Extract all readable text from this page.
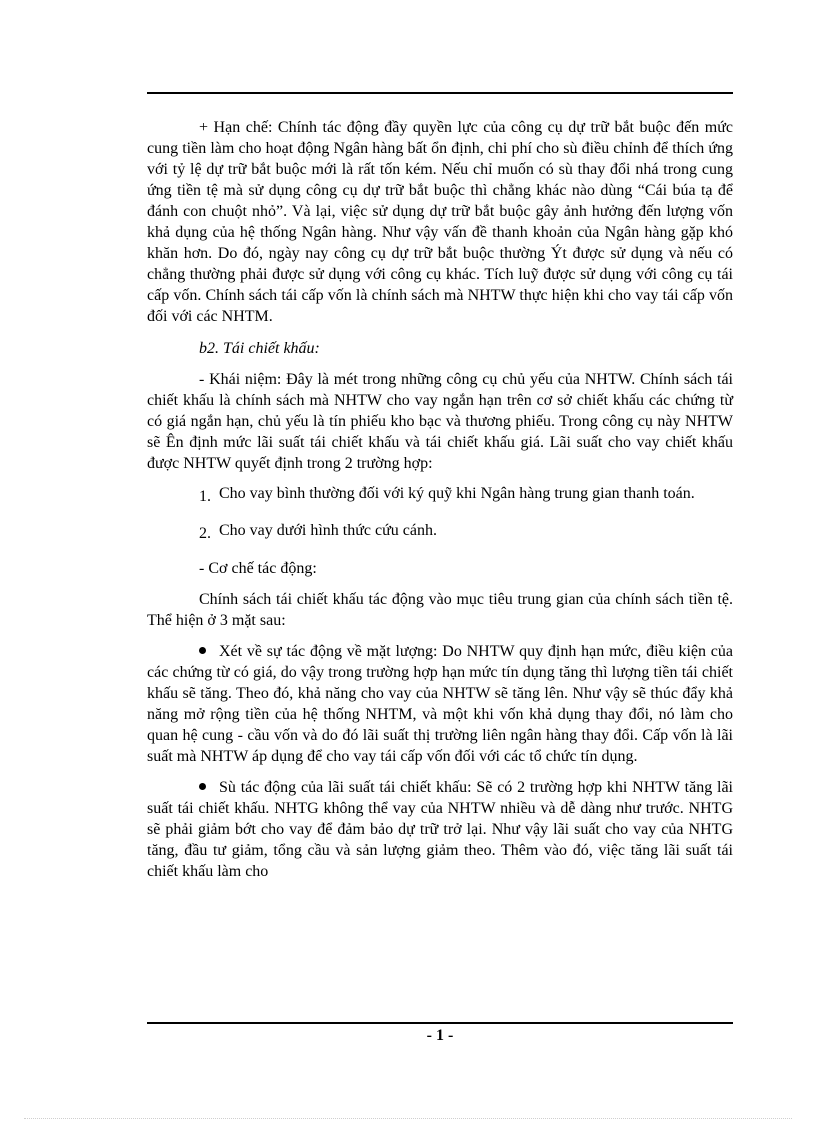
+ Hạn chế: Chính tác động đầy quyền lực của công cụ dự trữ bắt buộc đến mức cung tiền làm cho hoạt động Ngân hàng bất ổn định, chi phí cho sù điều chỉnh để thích ứng với tỷ lệ dự trữ bắt buộc mới là rất tốn kém. Nếu chỉ muốn có sù thay đổi nhá trong cung ứng tiền tệ mà sử dụng công cụ dự trữ bắt buộc thì chẳng khác nào dùng “Cái búa tạ để đánh con chuột nhỏ”. Và lại, việc sử dụng dự trữ bắt buộc gây ảnh hưởng đến lượng vốn khả dụng của hệ thống Ngân hàng. Như vậy vấn đề thanh khoản của Ngân hàng gặp khó khăn hơn. Do đó, ngày nay công cụ dự trữ bắt buộc thường Ýt được sử dụng và nếu có chẳng thường phải được sử dụng với công cụ khác. Tích luỹ được sử dụng với công cụ tái cấp vốn. Chính sách tái cấp vốn là chính sách mà NHTW thực hiện khi cho vay tái cấp vốn đối với các NHTM.

b2. Tái chiết khấu:

- Khái niệm: Đây là mét trong những công cụ chủ yếu của NHTW. Chính sách tái chiết khấu là chính sách mà NHTW cho vay ngắn hạn trên cơ sở chiết khấu các chứng từ có giá ngắn hạn, chủ yếu là tín phiếu kho bạc và thương phiếu. Trong công cụ này NHTW sẽ Ên định mức lãi suất tái chiết khấu và tái chiết khấu giá. Lãi suất cho vay chiết khấu được NHTW quyết định trong 2 trường hợp:

1. Cho vay bình thường đối với ký quỹ khi Ngân hàng trung gian thanh toán.
2. Cho vay dưới hình thức cứu cánh.

- Cơ chế tác động:

Chính sách tái chiết khấu tác động vào mục tiêu trung gian của chính sách tiền tệ. Thể hiện ở 3 mặt sau:

Xét về sự tác động về mặt lượng: Do NHTW quy định hạn mức, điều kiện của các chứng từ có giá, do vậy trong trường hợp hạn mức tín dụng tăng thì lượng tiền tái chiết khấu sẽ tăng. Theo đó, khả năng cho vay của NHTW sẽ tăng lên. Như vậy sẽ thúc đẩy khả năng mở rộng tiền của hệ thống NHTM, và một khi vốn khả dụng thay đổi, nó làm cho quan hệ cung - cầu vốn và do đó lãi suất thị trường liên ngân hàng thay đổi. Cấp vốn là lãi suất mà NHTW áp dụng để cho vay tái cấp vốn đối với các tổ chức tín dụng.

Sù tác động của lãi suất tái chiết khấu: Sẽ có 2 trường hợp khi NHTW tăng lãi suất tái chiết khấu. NHTG không thể vay của NHTW nhiều và dễ dàng như trước. NHTG sẽ phải giảm bớt cho vay để đảm bảo dự trữ trở lại. Như vậy lãi suất cho vay của NHTG tăng, đầu tư giảm, tổng cầu và sản lượng giảm theo. Thêm vào đó, việc tăng lãi suất tái chiết khấu làm cho

- 1 -
